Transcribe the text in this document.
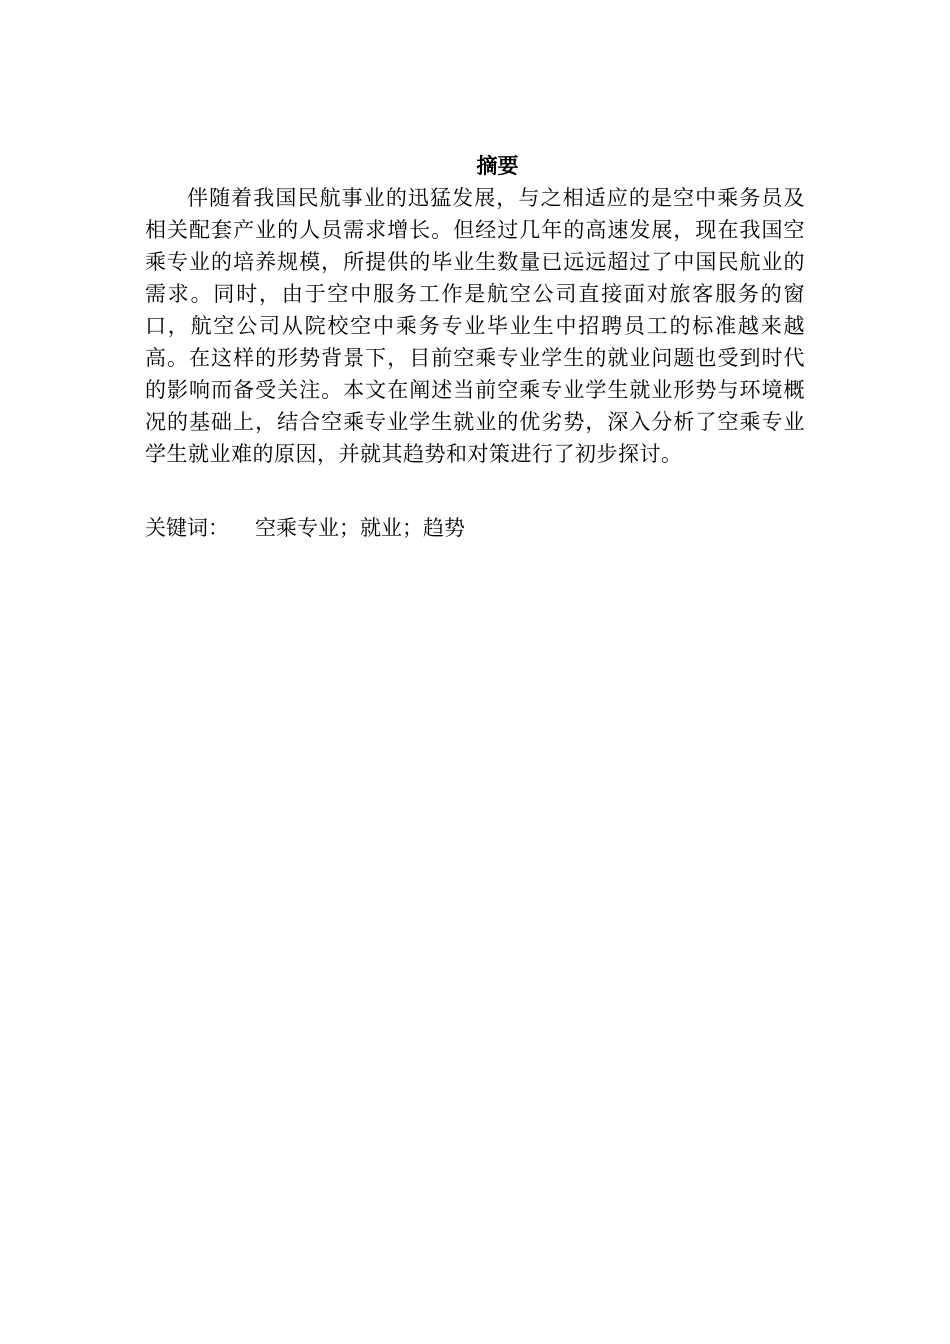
摘要

伴随着我国民航事业的迅猛发展，与之相适应的是空中乘务员及相关配套产业的人员需求增长。但经过几年的高速发展，现在我国空乘专业的培养规模，所提供的毕业生数量已远远超过了中国民航业的需求。同时，由于空中服务工作是航空公司直接面对旅客服务的窗口，航空公司从院校空中乘务专业毕业生中招聘员工的标准越来越高。在这样的形势背景下，目前空乘专业学生的就业问题也受到时代的影响而备受关注。本文在阐述当前空乘专业学生就业形势与环境概况的基础上，结合空乘专业学生就业的优劣势，深入分析了空乘专业学生就业难的原因，并就其趋势和对策进行了初步探讨。

关键词：	空乘专业；就业；趋势
